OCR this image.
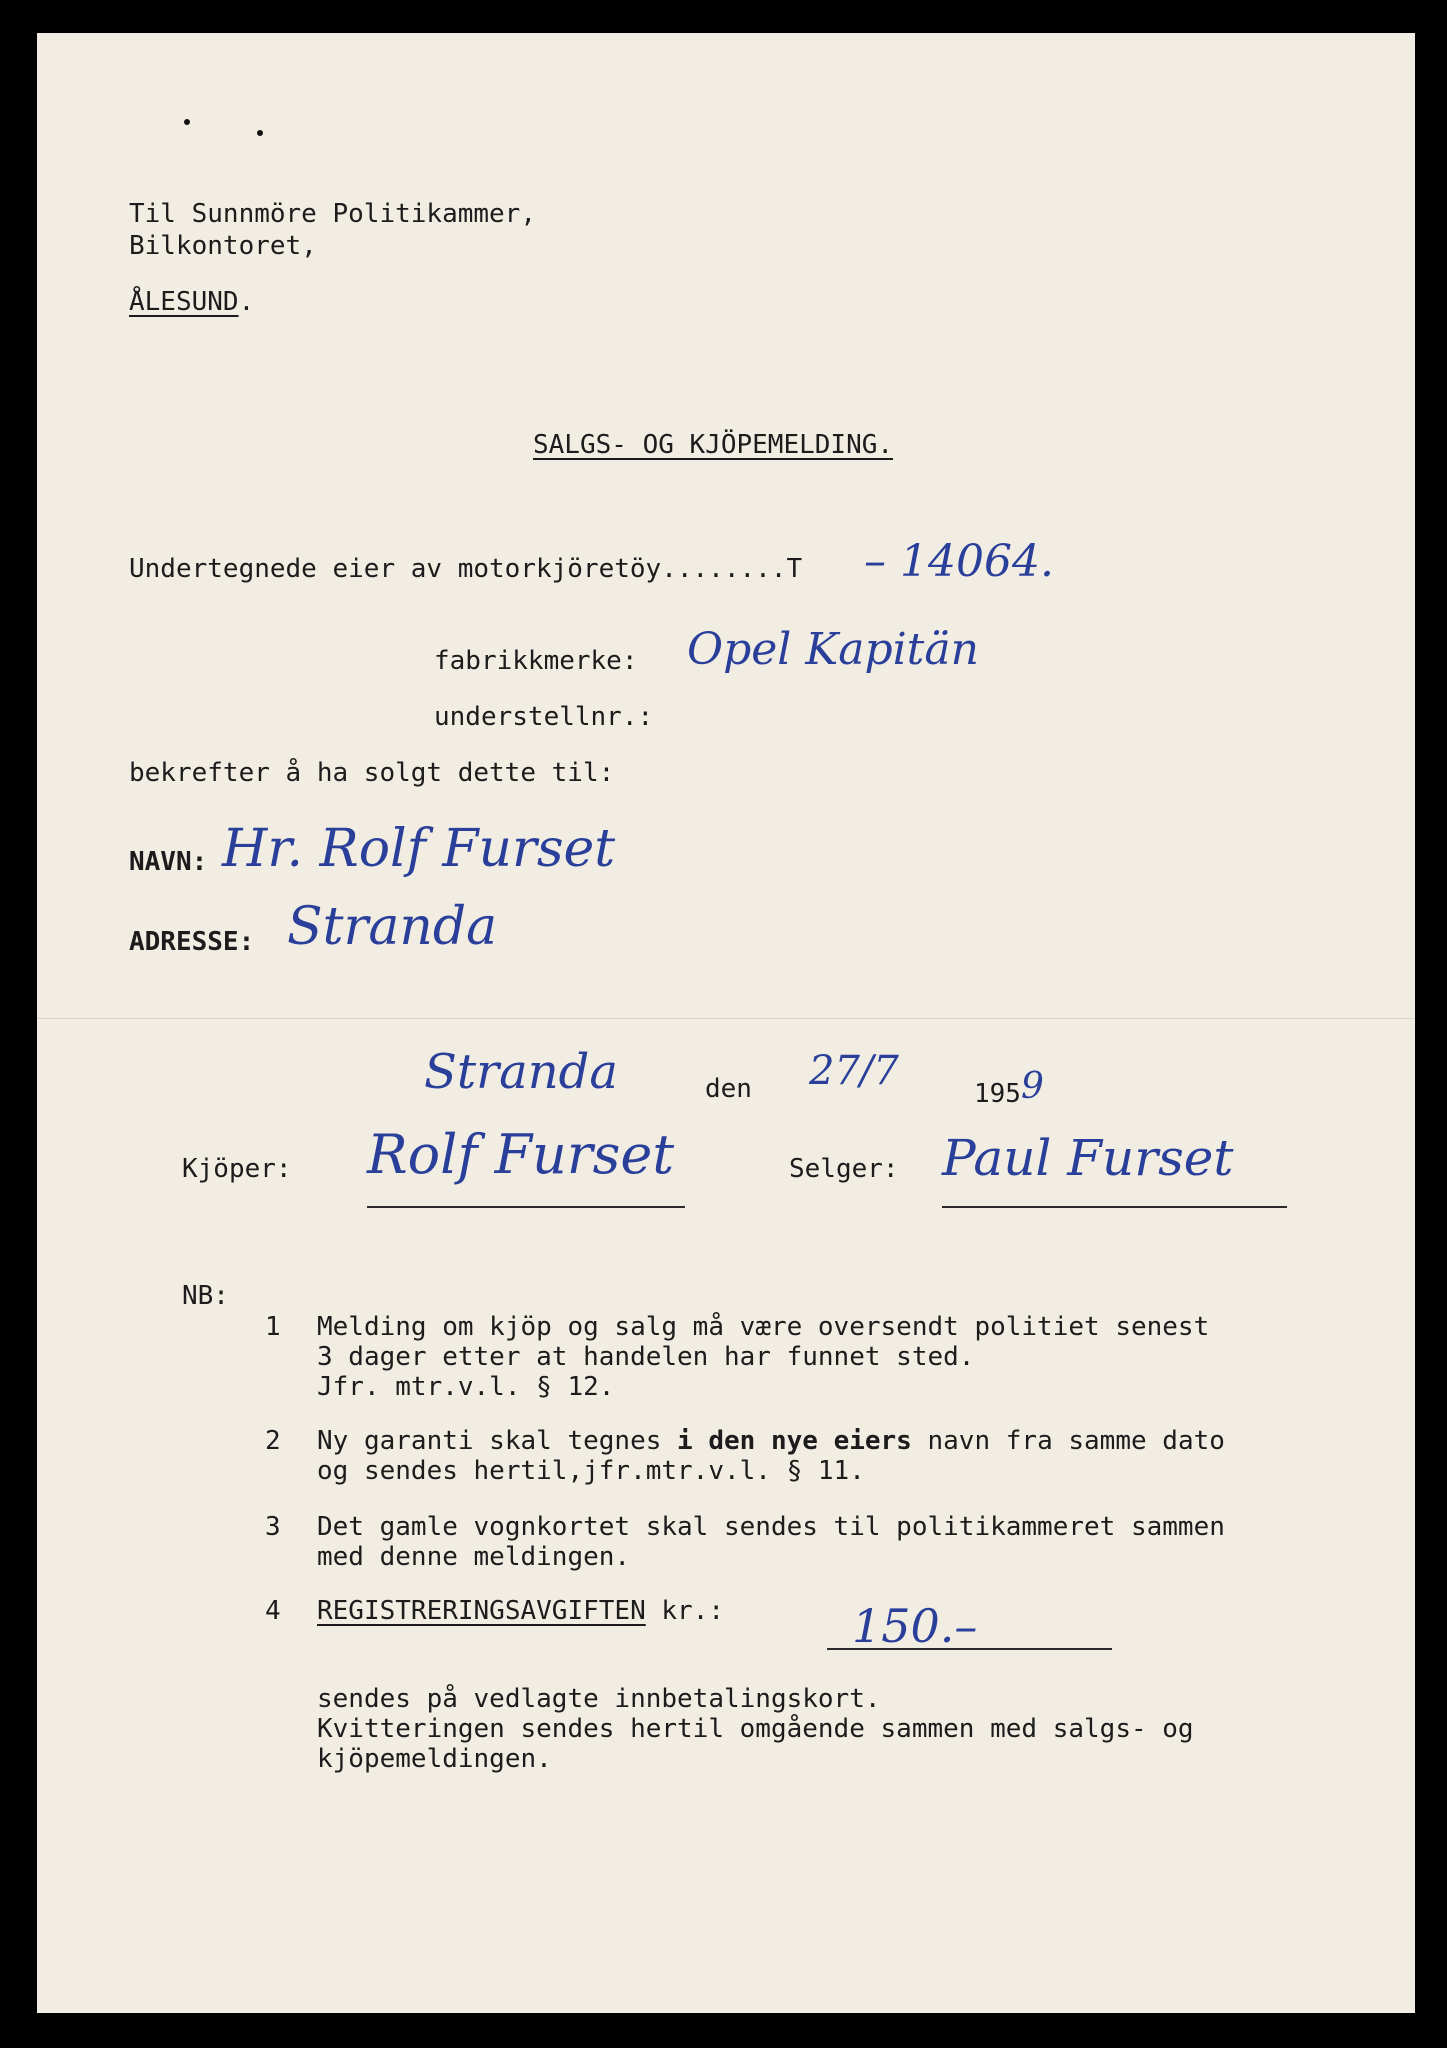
Til Sunnmöre Politikammer,
Bilkontoret,
ÅLESUND.
SALGS- OG KJÖPEMELDING.
Undertegnede eier av motorkjöretöy........T – 14064.
fabrikkmerke: Opel Kapitän
understellnr.:
bekrefter å ha solgt dette til:
NAVN: Hr. Rolf Furset
ADRESSE: Stranda
Stranda	den 27/7	1959
Kjöper: Rolf Furset	Selger: Paul Furset
NB:
1 Melding om kjöp og salg må være oversendt politiet senest
3 dager etter at handelen har funnet sted.
Jfr. mtr.v.l. § 12.
2 Ny garanti skal tegnes i den nye eiers navn fra samme dato
og sendes hertil,jfr.mtr.v.l. § 11.
3 Det gamle vognkortet skal sendes til politikammeret sammen
med denne meldingen.
4 REGISTRERINGSAVGIFTEN kr.:	150.–
sendes på vedlagte innbetalingskort.
Kvitteringen sendes hertil omgående sammen med salgs- og
kjöpemeldingen.
